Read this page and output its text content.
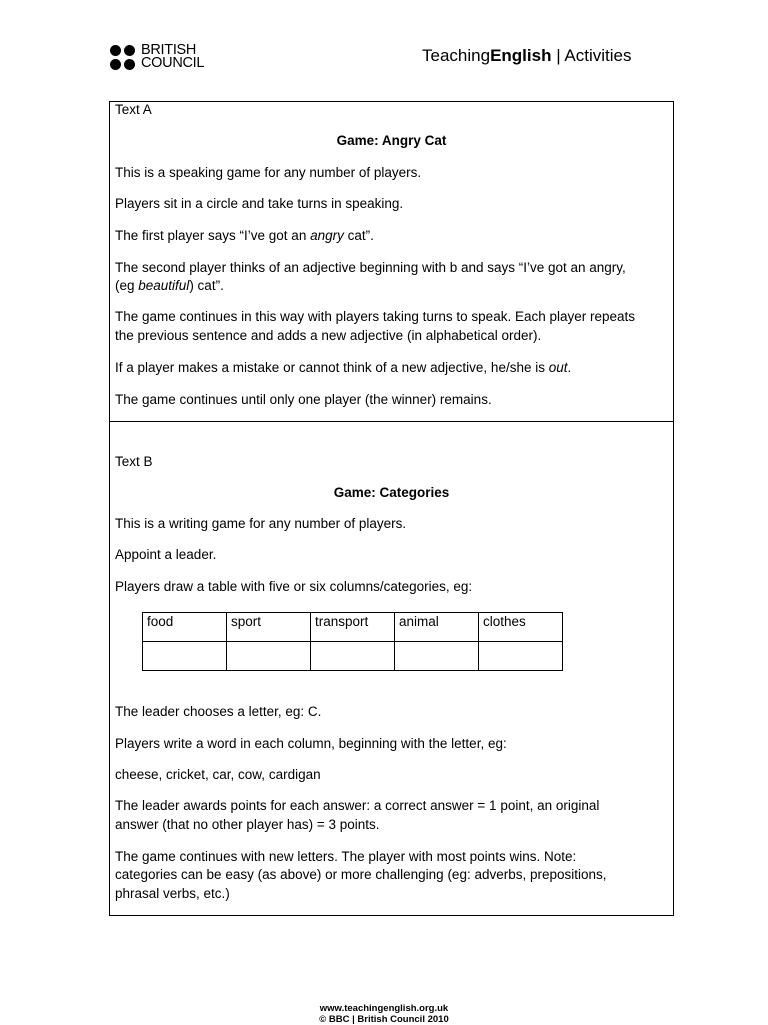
BRITISH
COUNCIL	TeachingEnglish | Activities
Text A
Game: Angry Cat
This is a speaking game for any number of players.
Players sit in a circle and take turns in speaking.
The first player says “I’ve got an angry cat”.
The second player thinks of an adjective beginning with b and says “I’ve got an angry,
(eg beautiful) cat”.
The game continues in this way with players taking turns to speak. Each player repeats
the previous sentence and adds a new adjective (in alphabetical order).
If a player makes a mistake or cannot think of a new adjective, he/she is out.
The game continues until only one player (the winner) remains.
Text B
Game: Categories
This is a writing game for any number of players.
Appoint a leader.
Players draw a table with five or six columns/categories, eg:
food	sport	transport	animal	clothes

The leader chooses a letter, eg: C.
Players write a word in each column, beginning with the letter, eg:
cheese, cricket, car, cow, cardigan
The leader awards points for each answer: a correct answer = 1 point, an original
answer (that no other player has) = 3 points.
The game continues with new letters. The player with most points wins. Note:
categories can be easy (as above) or more challenging (eg: adverbs, prepositions,
phrasal verbs, etc.)
www.teachingenglish.org.uk
© BBC | British Council 2010
